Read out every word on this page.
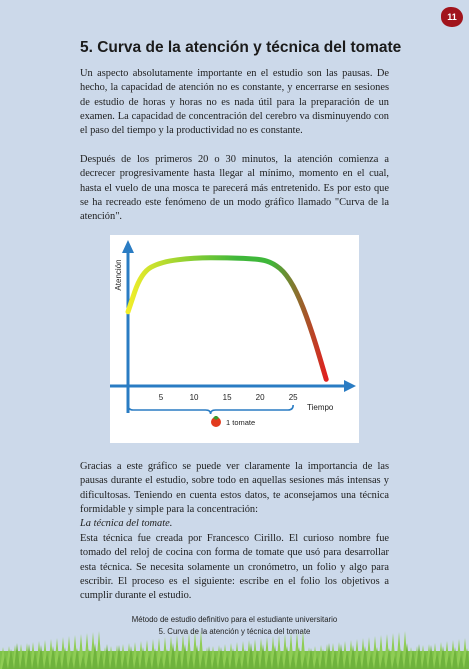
11
5. Curva de la atención y técnica del tomate

Un aspecto absolutamente importante en el estudio son las pausas. De hecho, la capacidad de atención no es constante, y encerrarse en sesiones de estudio de horas y horas no es nada útil para la preparación de un examen. La capacidad de concentración del cerebro va disminuyendo con el paso del tiempo y la productividad no es constante.

Después de los primeros 20 o 30 minutos, la atención comienza a decrecer progresivamente hasta llegar al mínimo, momento en el cual, hasta el vuelo de una mosca te parecerá más entretenido. Es por esto que se ha recreado este fenómeno de un modo gráfico llamado "Curva de la atención".

Atención
Tiempo
5	10	15	20	25
1 tomate

Gracias a este gráfico se puede ver claramente la importancia de las pausas durante el estudio, sobre todo en aquellas sesiones más intensas y dificultosas. Teniendo en cuenta estos datos, te aconsejamos una técnica formidable y simple para la concentración:

La técnica del tomate.

Esta técnica fue creada por Francesco Cirillo. El curioso nombre fue tomado del reloj de cocina con forma de tomate que usó para desarrollar esta técnica. Se necesita solamente un cronómetro, un folio y algo para escribir. El proceso es el siguiente: escribe en el folio los objetivos a cumplir durante el estudio.

Método de estudio definitivo para el estudiante universitario
5. Curva de la atención y técnica del tomate
